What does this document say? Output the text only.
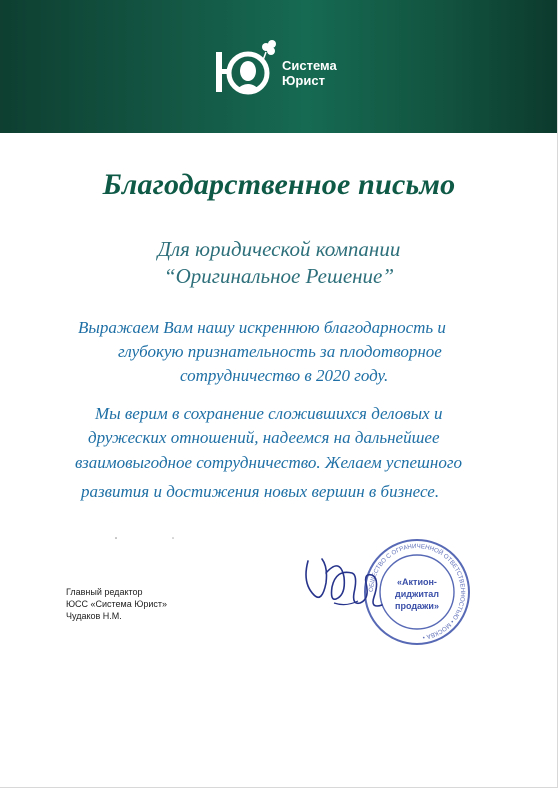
Система
Юрист
Благодарственное письмо
Для юридической компании
“Оригинальное Решение”
Выражаем Вам нашу искреннюю благодарность и
глубокую признательность за плодотворное
сотрудничество в 2020 году.
Мы верим в сохранение сложившихся деловых и
дружеских отношений, надеемся на дальнейшее
взаимовыгодное сотрудничество. Желаем успешного
развития и достижения новых вершин в бизнесе.
Главный редактор
ЮСС «Система Юрист»
Чудаков Н.М.
ОБЩЕСТВО С ОГРАНИЧЕННОЙ ОТВЕТСТВЕННОСТЬЮ • МОСКВА •
«Актион-
диджитал
продажи»
